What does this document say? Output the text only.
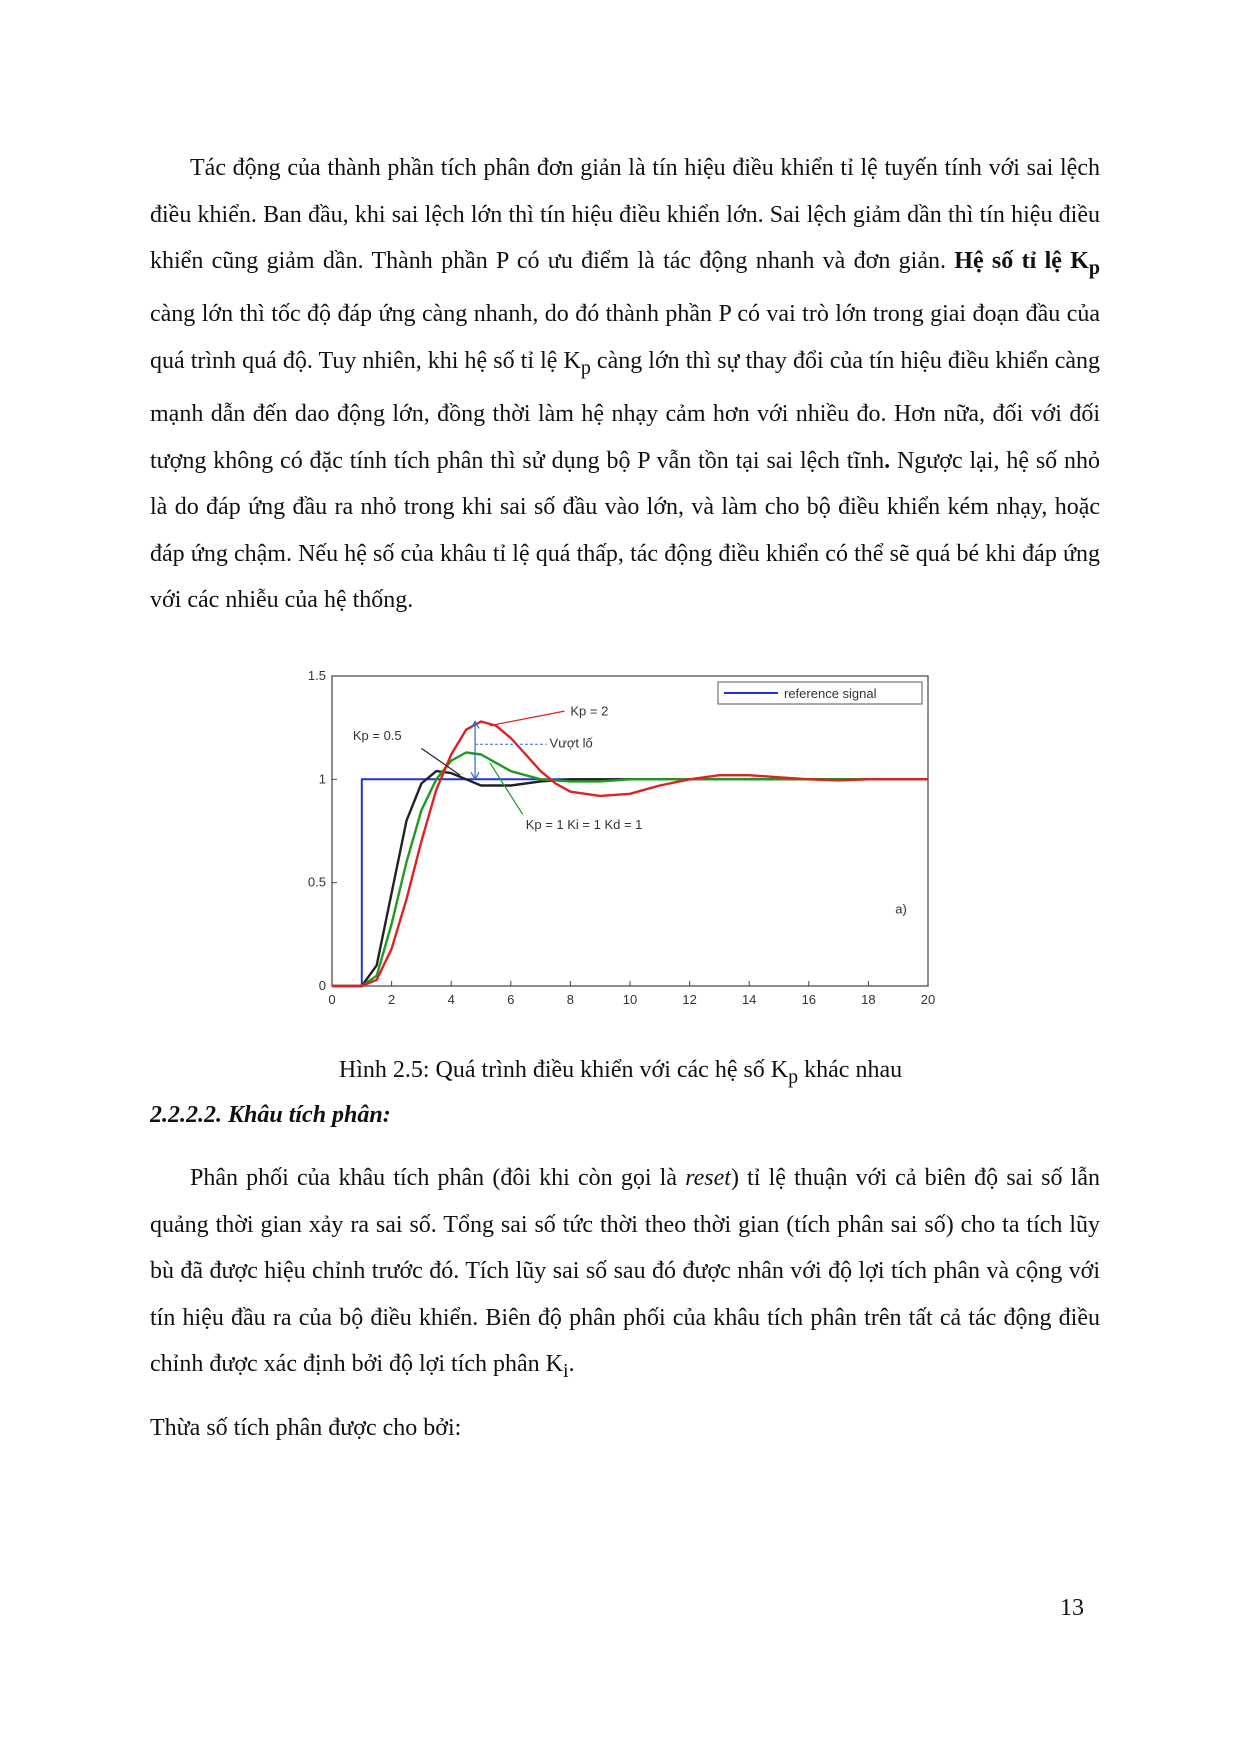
Tác động của thành phần tích phân đơn giản là tín hiệu điều khiển tỉ lệ tuyến tính với sai lệch điều khiển. Ban đầu, khi sai lệch lớn thì tín hiệu điều khiển lớn. Sai lệch giảm dần thì tín hiệu điều khiển cũng giảm dần. Thành phần P có ưu điểm là tác động nhanh và đơn giản. Hệ số tỉ lệ $K_p$ càng lớn thì tốc độ đáp ứng càng nhanh, do đó thành phần P có vai trò lớn trong giai đoạn đầu của quá trình quá độ. Tuy nhiên, khi hệ số tỉ lệ $K_p$ càng lớn thì sự thay đổi của tín hiệu điều khiển càng mạnh dẫn đến dao động lớn, đồng thời làm hệ nhạy cảm hơn với nhiều đo. Hơn nữa, đối với đối tượng không có đặc tính tích phân thì sử dụng bộ P vẫn tồn tại sai lệch tĩnh. Ngược lại, hệ số nhỏ là do đáp ứng đầu ra nhỏ trong khi sai số đầu vào lớn, và làm cho bộ điều khiển kém nhạy, hoặc đáp ứng chậm. Nếu hệ số của khâu tỉ lệ quá thấp, tác động điều khiển có thể sẽ quá bé khi đáp ứng với các nhiễu của hệ thống.

0	2	4	6	8	10	12	14	16	18	20
0
0.5
1
1.5
reference signal
Kp = 2
Kp = 0.5	Vượt lố
Kp = 1 Ki = 1 Kd = 1
a)

Hình 2.5: Quá trình điều khiển với các hệ số $K_p$ khác nhau

2.2.2.2. Khâu tích phân:

Phân phối của khâu tích phân (đôi khi còn gọi là reset) tỉ lệ thuận với cả biên độ sai số lẫn quảng thời gian xảy ra sai số. Tổng sai số tức thời theo thời gian (tích phân sai số) cho ta tích lũy bù đã được hiệu chỉnh trước đó. Tích lũy sai số sau đó được nhân với độ lợi tích phân và cộng với tín hiệu đầu ra của bộ điều khiển. Biên độ phân phối của khâu tích phân trên tất cả tác động điều chỉnh được xác định bởi độ lợi tích phân $K_i$.

Thừa số tích phân được cho bởi:

13
